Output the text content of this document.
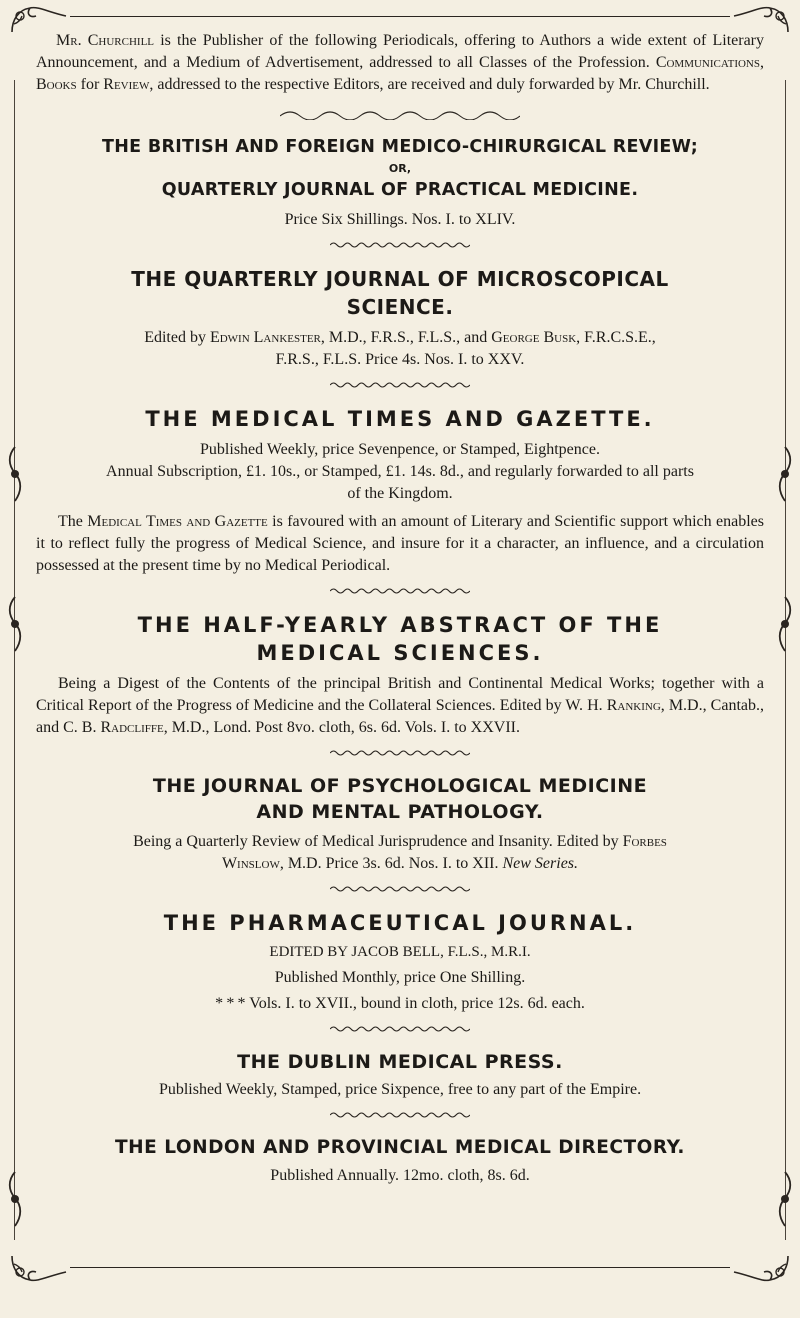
Mr. Churchill is the Publisher of the following Periodicals, offering to Authors a wide extent of Literary Announcement, and a Medium of Advertisement, addressed to all Classes of the Profession. Communications, Books for Review, addressed to the respective Editors, are received and duly forwarded by Mr. Churchill.

THE BRITISH AND FOREIGN MEDICO-CHIRURGICAL REVIEW;

OR,

QUARTERLY JOURNAL OF PRACTICAL MEDICINE.

Price Six Shillings. Nos. I. to XLIV.

THE QUARTERLY JOURNAL OF MICROSCOPICAL

SCIENCE.

Edited by Edwin Lankester, M.D., F.R.S., F.L.S., and George Busk, F.R.C.S.E.,

F.R.S., F.L.S. Price 4s. Nos. I. to XXV.

THE MEDICAL TIMES AND GAZETTE.

Published Weekly, price Sevenpence, or Stamped, Eightpence.

Annual Subscription, £1. 10s., or Stamped, £1. 14s. 8d., and regularly forwarded to all parts

of the Kingdom.

The Medical Times and Gazette is favoured with an amount of Literary and Scientific support which enables it to reflect fully the progress of Medical Science, and insure for it a character, an influence, and a circulation possessed at the present time by no Medical Periodical.

THE HALF-YEARLY ABSTRACT OF THE

MEDICAL SCIENCES.

Being a Digest of the Contents of the principal British and Continental Medical Works; together with a Critical Report of the Progress of Medicine and the Collateral Sciences. Edited by W. H. Ranking, M.D., Cantab., and C. B. Radcliffe, M.D., Lond. Post 8vo. cloth, 6s. 6d. Vols. I. to XXVII.

THE JOURNAL OF PSYCHOLOGICAL MEDICINE

AND MENTAL PATHOLOGY.

Being a Quarterly Review of Medical Jurisprudence and Insanity. Edited by Forbes

Winslow, M.D. Price 3s. 6d. Nos. I. to XII. New Series.

THE PHARMACEUTICAL JOURNAL.

EDITED BY JACOB BELL, F.L.S., M.R.I.

Published Monthly, price One Shilling.

* * * Vols. I. to XVII., bound in cloth, price 12s. 6d. each.

THE DUBLIN MEDICAL PRESS.

Published Weekly, Stamped, price Sixpence, free to any part of the Empire.

THE LONDON AND PROVINCIAL MEDICAL DIRECTORY.

Published Annually. 12mo. cloth, 8s. 6d.
